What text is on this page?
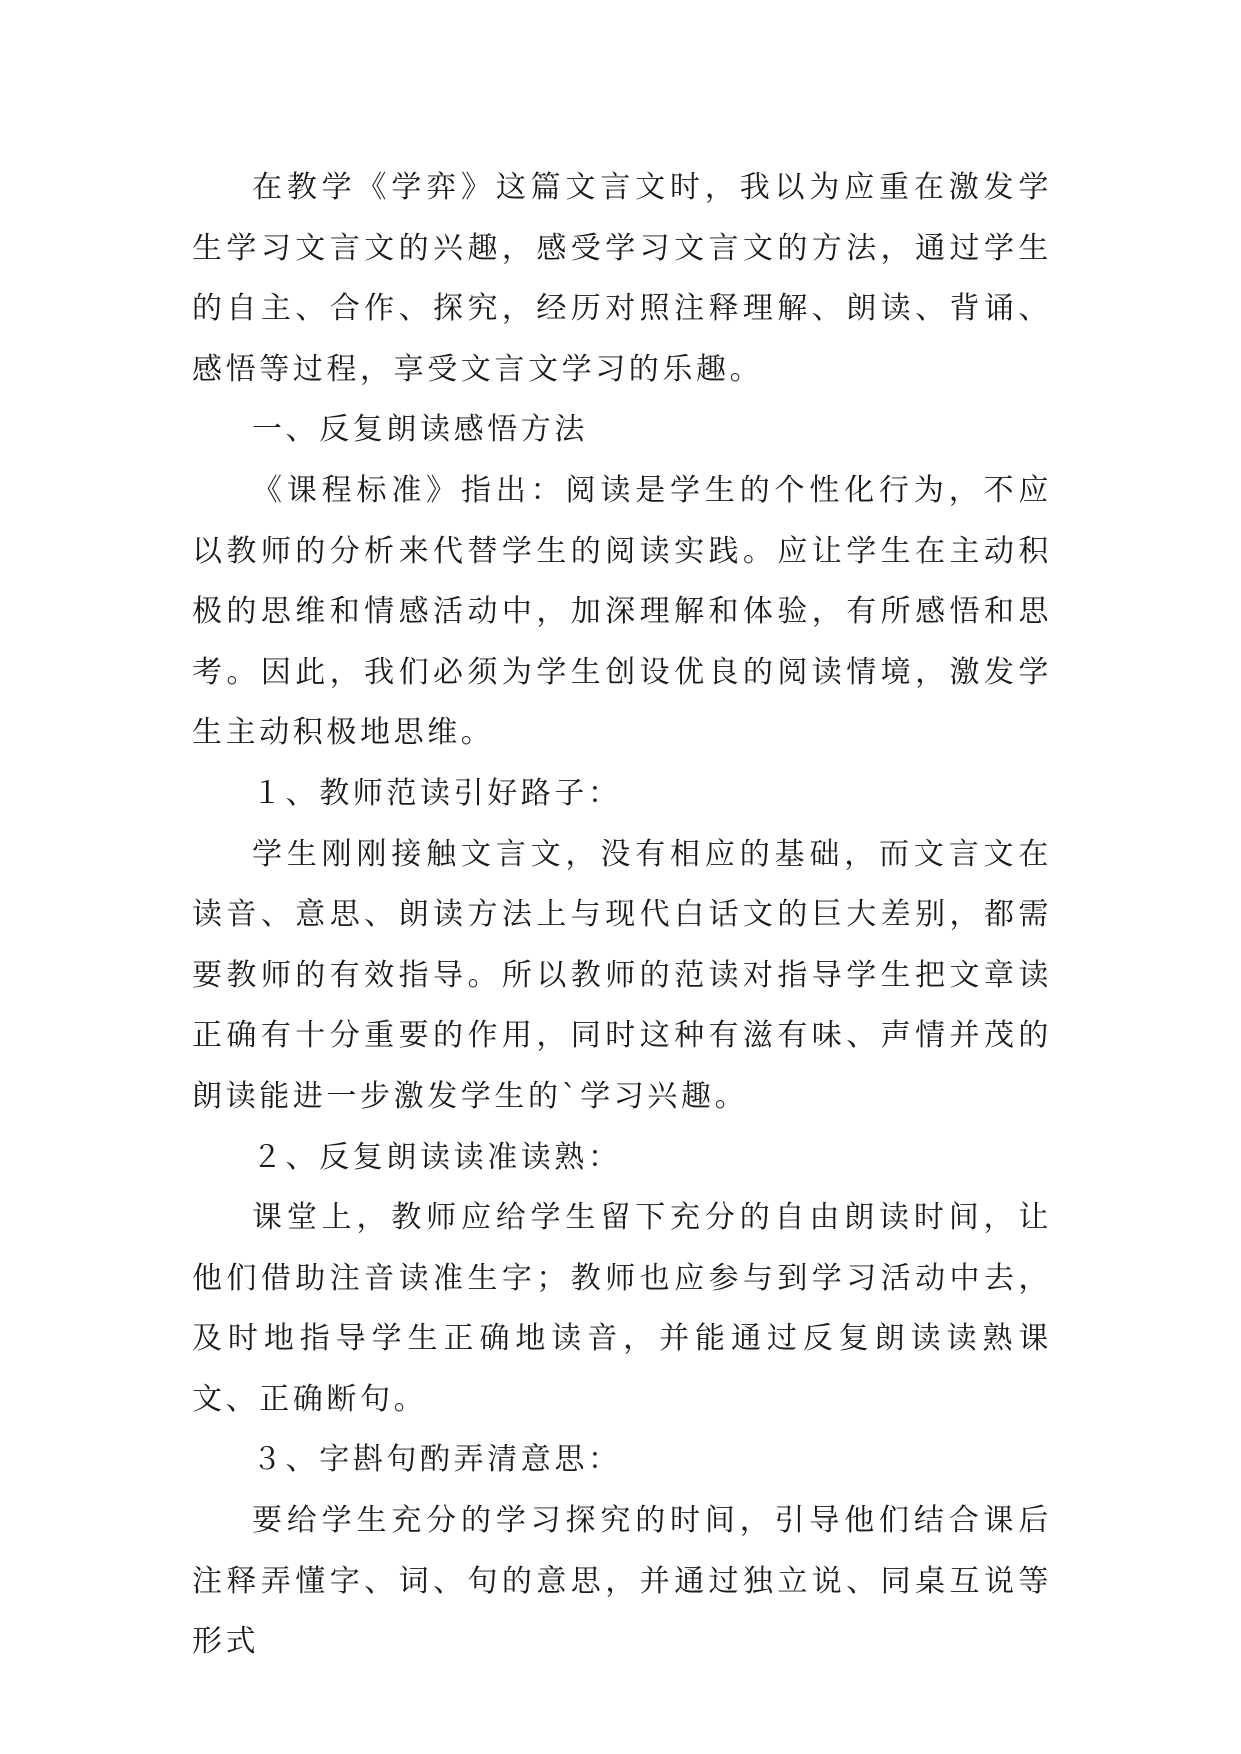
在教学《学弈》这篇文言文时，我以为应重在激发学生学习文言文的兴趣，感受学习文言文的方法，通过学生的自主、合作、探究，经历对照注释理解、朗读、背诵、感悟等过程，享受文言文学习的乐趣。

一、反复朗读感悟方法

《课程标准》指出：阅读是学生的个性化行为，不应以教师的分析来代替学生的阅读实践。应让学生在主动积极的思维和情感活动中，加深理解和体验，有所感悟和思考。因此，我们必须为学生创设优良的阅读情境，激发学生主动积极地思维。

１、教师范读引好路子：

学生刚刚接触文言文，没有相应的基础，而文言文在读音、意思、朗读方法上与现代白话文的巨大差别，都需要教师的有效指导。所以教师的范读对指导学生把文章读正确有十分重要的作用，同时这种有滋有味、声情并茂的朗读能进一步激发学生的`学习兴趣。

２、反复朗读读准读熟：

课堂上，教师应给学生留下充分的自由朗读时间，让他们借助注音读准生字；教师也应参与到学习活动中去，及时地指导学生正确地读音，并能通过反复朗读读熟课文、正确断句。

３、字斟句酌弄清意思：

要给学生充分的学习探究的时间，引导他们结合课后注释弄懂字、词、句的意思，并通过独立说、同桌互说等形式
